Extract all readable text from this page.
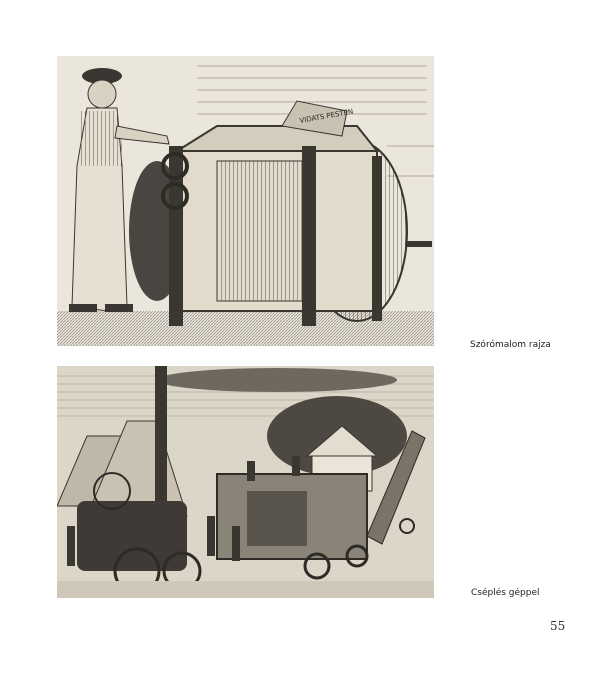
VIDATS PESTEN
Szórómalom rajza
Cséplés géppel
55
